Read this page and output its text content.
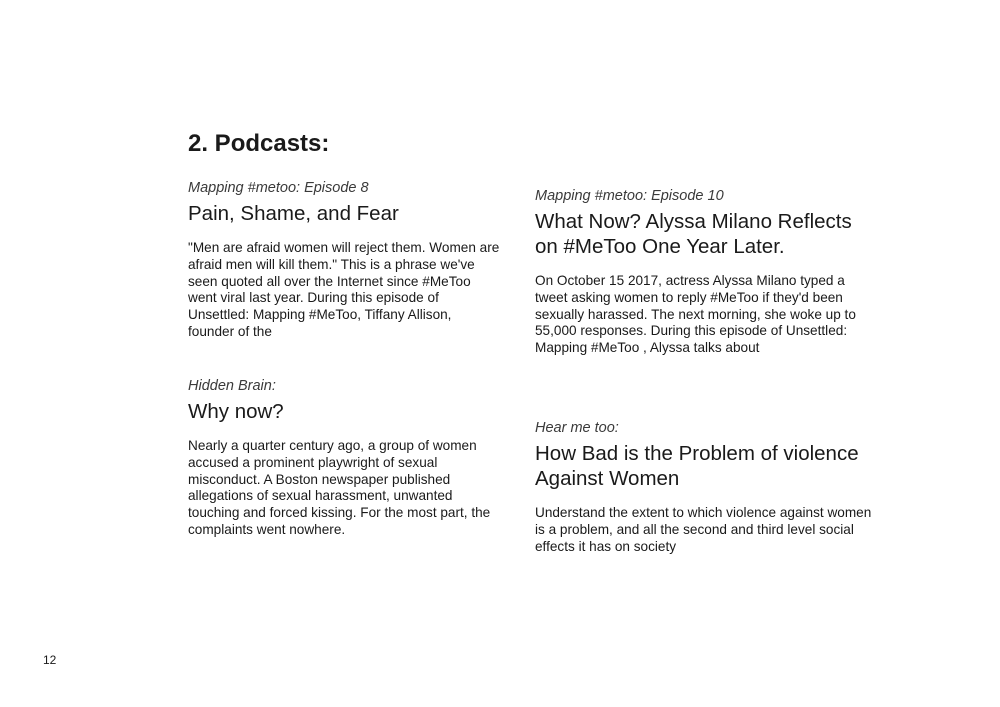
2. Podcasts:

Mapping #metoo: Episode 8

Pain, Shame, and Fear

"Men are afraid women will reject them. Women are afraid men will kill them." This is a phrase we've seen quoted all over the Internet since #MeToo went viral last year. During this episode of Unsettled: Mapping #MeToo, Tiffany Allison, founder of the

Mapping #metoo: Episode 10

What Now? Alyssa Milano Reflects on #MeToo One Year Later.

On October 15 2017, actress Alyssa Milano typed a tweet asking women to reply #MeToo if they'd been sexually harassed. The next morning, she woke up to 55,000 responses. During this episode of Unsettled: Mapping #MeToo , Alyssa talks about

Hidden Brain:

Why now?

Nearly a quarter century ago, a group of women accused a prominent playwright of sexual misconduct. A Boston newspaper published allegations of sexual harassment, unwanted touching and forced kissing. For the most part, the complaints went nowhere.

Hear me too:

How Bad is the Problem of violence Against Women

Understand the extent to which violence against women is a problem, and all the second and third level social effects it has on society

12
